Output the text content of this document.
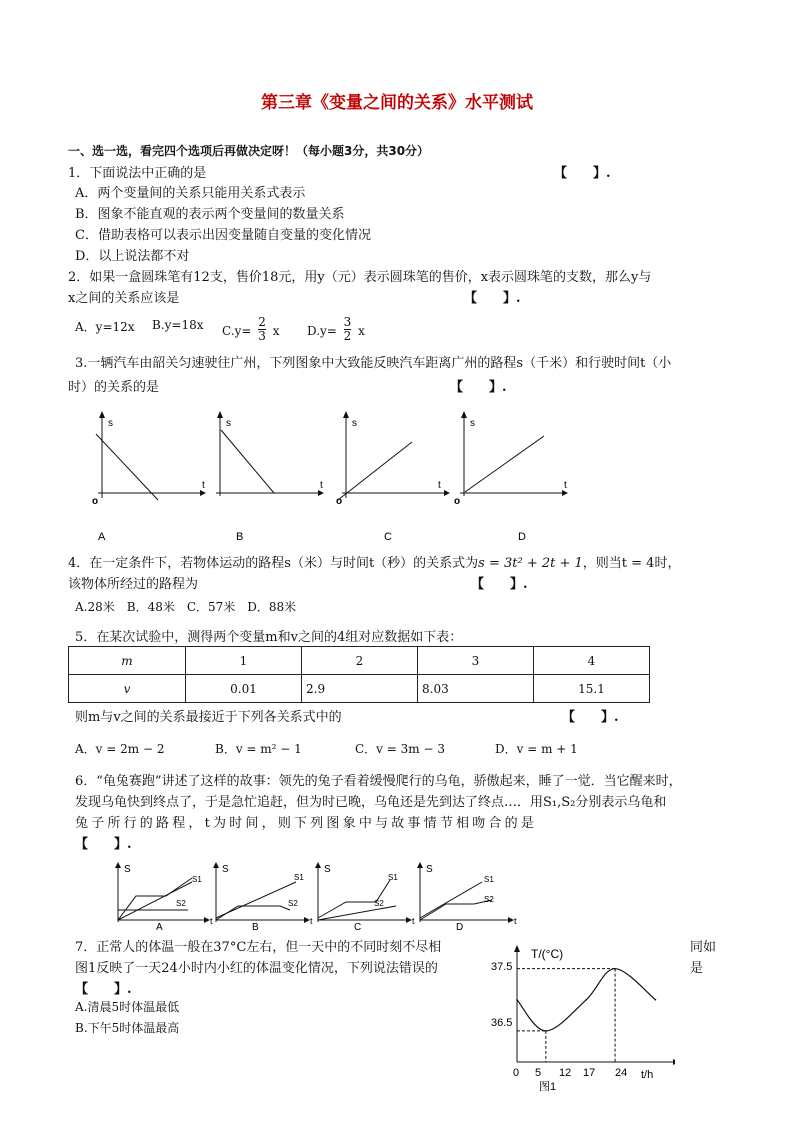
第三章《变量之间的关系》水平测试
一、选一选，看完四个选项后再做决定呀！（每小题3分，共30分）
1．下面说法中正确的是	【　　】.
A．两个变量间的关系只能用关系式表示
B．图象不能直观的表示两个变量间的数量关系
C．借助表格可以表示出因变量随自变量的变化情况
D．以上说法都不对
2．如果一盒圆珠笔有12支，售价18元，用y（元）表示圆珠笔的售价，x表示圆珠笔的支数，那么y与
x之间的关系应该是	【　　】.
A．y=12x B.y=18x $C.y= \frac{2}{3}$ x $D.y= \frac{3}{2}$ x
3.一辆汽车由韶关匀速驶往广州，下列图象中大致能反映汽车距离广州的路程s（千米）和行驶时间t（小
时）的关系的是	【　　】.
s
t
o
A
s
t
B
s
t
o
C
s
t
o
D
4．在一定条件下，若物体运动的路程s（米）与时间t（秒）的关系式为s = 3t² + 2t + 1，则当t = 4时，
该物体所经过的路程为	【　　】.
A.28米　B．48米　C．57米　D．88米
5．在某次试验中，测得两个变量m和v之间的4组对应数据如下表：
m	1	2	3	4
v	0.01	2.9	8.03	15.1
则m与v之间的关系最接近于下列各关系式中的	【　　】.
A．v = 2m − 2	B．v = m² − 1	C．v = 3m − 3	D．v = m + 1
6．“龟兔赛跑”讲述了这样的故事：领先的兔子看着缓慢爬行的乌龟，骄傲起来，睡了一觉．当它醒来时，
发现乌龟快到终点了，于是急忙追赶，但为时已晚，乌龟还是先到达了终点…．用S₁,S₂分别表示乌龟和
兔子所行的路程，t为时间，则下列图象中与故事情节相吻合的是
【　　】.
S
t
S1
S2
A
S
t
S1
S2
B
S
t
S1
S2
C
S
t
S1
S2
D
7．正常人的体温一般在37°C左右，但一天中的不同时刻不尽相	同如
图1反映了一天24小时内小红的体温变化情况，下列说法错误的	是
【　　】.
A.清晨5时体温最低
B.下午5时体温最高
T/(°C)
37.5
36.5
0 5 12 17 24 t/h
图1
